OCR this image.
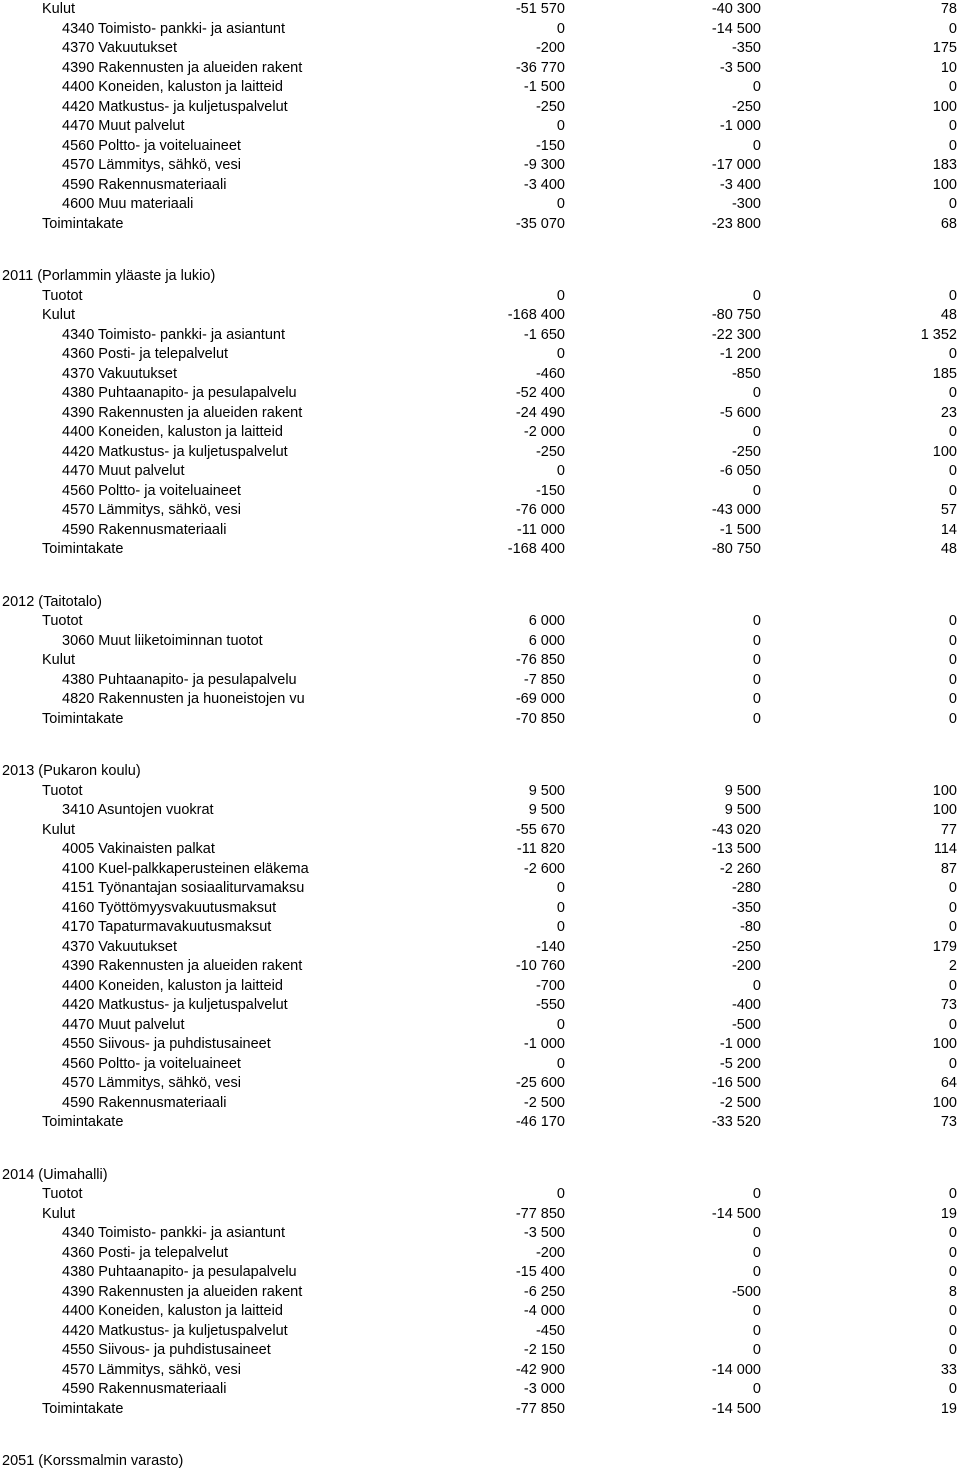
Kulut	-51 570	-40 300	78
4340 Toimisto- pankki- ja asiantunt	0	-14 500	0
4370 Vakuutukset	-200	-350	175
4390 Rakennusten ja alueiden rakent	-36 770	-3 500	10
4400 Koneiden, kaluston ja laitteid	-1 500	0	0
4420 Matkustus- ja kuljetuspalvelut	-250	-250	100
4470 Muut palvelut	0	-1 000	0
4560 Poltto- ja voiteluaineet	-150	0	0
4570 Lämmitys, sähkö, vesi	-9 300	-17 000	183
4590 Rakennusmateriaali	-3 400	-3 400	100
4600 Muu materiaali	0	-300	0
Toimintakate	-35 070	-23 800	68
2011 (Porlammin yläaste ja lukio)
Tuotot	0	0	0
Kulut	-168 400	-80 750	48
4340 Toimisto- pankki- ja asiantunt	-1 650	-22 300	1 352
4360 Posti- ja telepalvelut	0	-1 200	0
4370 Vakuutukset	-460	-850	185
4380 Puhtaanapito- ja pesulapalvelu	-52 400	0	0
4390 Rakennusten ja alueiden rakent	-24 490	-5 600	23
4400 Koneiden, kaluston ja laitteid	-2 000	0	0
4420 Matkustus- ja kuljetuspalvelut	-250	-250	100
4470 Muut palvelut	0	-6 050	0
4560 Poltto- ja voiteluaineet	-150	0	0
4570 Lämmitys, sähkö, vesi	-76 000	-43 000	57
4590 Rakennusmateriaali	-11 000	-1 500	14
Toimintakate	-168 400	-80 750	48
2012 (Taitotalo)
Tuotot	6 000	0	0
3060 Muut liiketoiminnan tuotot	6 000	0	0
Kulut	-76 850	0	0
4380 Puhtaanapito- ja pesulapalvelu	-7 850	0	0
4820 Rakennusten ja huoneistojen vu	-69 000	0	0
Toimintakate	-70 850	0	0
2013 (Pukaron koulu)
Tuotot	9 500	9 500	100
3410 Asuntojen vuokrat	9 500	9 500	100
Kulut	-55 670	-43 020	77
4005 Vakinaisten palkat	-11 820	-13 500	114
4100 Kuel-palkkaperusteinen eläkema	-2 600	-2 260	87
4151 Työnantajan sosiaaliturvamaksu	0	-280	0
4160 Työttömyysvakuutusmaksut	0	-350	0
4170 Tapaturmavakuutusmaksut	0	-80	0
4370 Vakuutukset	-140	-250	179
4390 Rakennusten ja alueiden rakent	-10 760	-200	2
4400 Koneiden, kaluston ja laitteid	-700	0	0
4420 Matkustus- ja kuljetuspalvelut	-550	-400	73
4470 Muut palvelut	0	-500	0
4550 Siivous- ja puhdistusaineet	-1 000	-1 000	100
4560 Poltto- ja voiteluaineet	0	-5 200	0
4570 Lämmitys, sähkö, vesi	-25 600	-16 500	64
4590 Rakennusmateriaali	-2 500	-2 500	100
Toimintakate	-46 170	-33 520	73
2014 (Uimahalli)
Tuotot	0	0	0
Kulut	-77 850	-14 500	19
4340 Toimisto- pankki- ja asiantunt	-3 500	0	0
4360 Posti- ja telepalvelut	-200	0	0
4380 Puhtaanapito- ja pesulapalvelu	-15 400	0	0
4390 Rakennusten ja alueiden rakent	-6 250	-500	8
4400 Koneiden, kaluston ja laitteid	-4 000	0	0
4420 Matkustus- ja kuljetuspalvelut	-450	0	0
4550 Siivous- ja puhdistusaineet	-2 150	0	0
4570 Lämmitys, sähkö, vesi	-42 900	-14 000	33
4590 Rakennusmateriaali	-3 000	0	0
Toimintakate	-77 850	-14 500	19
2051 (Korssmalmin varasto)
